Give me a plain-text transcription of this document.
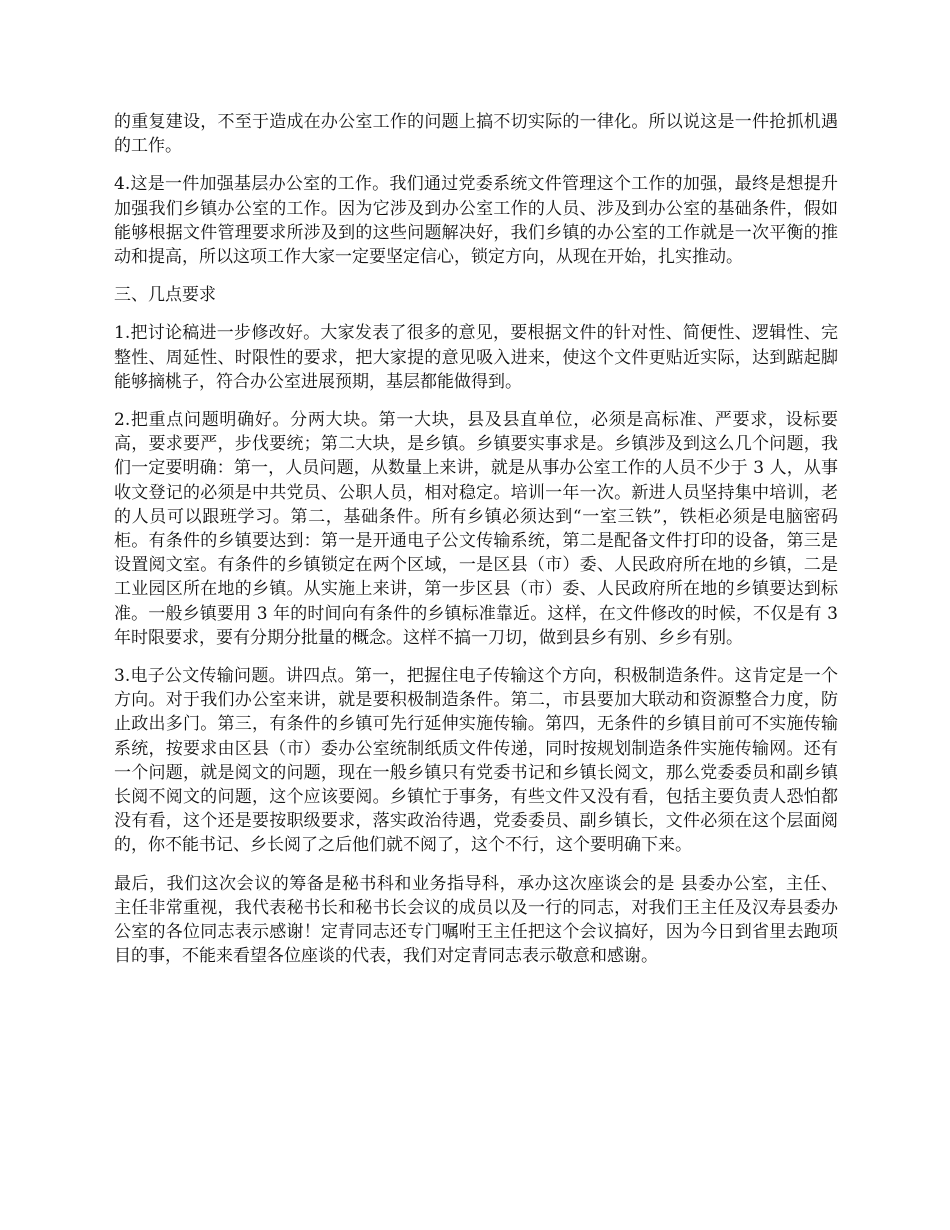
的重复建设，不至于造成在办公室工作的问题上搞不切实际的一律化。所以说这是一件抢抓机遇的工作。

4.这是一件加强基层办公室的工作。我们通过党委系统文件管理这个工作的加强，最终是想提升加强我们乡镇办公室的工作。因为它涉及到办公室工作的人员、涉及到办公室的基础条件，假如能够根据文件管理要求所涉及到的这些问题解决好，我们乡镇的办公室的工作就是一次平衡的推动和提高，所以这项工作大家一定要坚定信心，锁定方向，从现在开始，扎实推动。

三、几点要求

1.把讨论稿进一步修改好。大家发表了很多的意见，要根据文件的针对性、简便性、逻辑性、完整性、周延性、时限性的要求，把大家提的意见吸入进来，使这个文件更贴近实际，达到踮起脚能够摘桃子，符合办公室进展预期，基层都能做得到。

2.把重点问题明确好。分两大块。第一大块，县及县直单位，必须是高标准、严要求，设标要高，要求要严，步伐要统；第二大块，是乡镇。乡镇要实事求是。乡镇涉及到这么几个问题，我们一定要明确：第一，人员问题，从数量上来讲，就是从事办公室工作的人员不少于 3 人，从事收文登记的必须是中共党员、公职人员，相对稳定。培训一年一次。新进人员坚持集中培训，老的人员可以跟班学习。第二，基础条件。所有乡镇必须达到“一室三铁”，铁柜必须是电脑密码柜。有条件的乡镇要达到：第一是开通电子公文传输系统，第二是配备文件打印的设备，第三是设置阅文室。有条件的乡镇锁定在两个区域，一是区县（市）委、人民政府所在地的乡镇，二是工业园区所在地的乡镇。从实施上来讲，第一步区县（市）委、人民政府所在地的乡镇要达到标准。一般乡镇要用 3 年的时间向有条件的乡镇标准靠近。这样，在文件修改的时候，不仅是有 3 年时限要求，要有分期分批量的概念。这样不搞一刀切，做到县乡有别、乡乡有别。

3.电子公文传输问题。讲四点。第一，把握住电子传输这个方向，积极制造条件。这肯定是一个方向。对于我们办公室来讲，就是要积极制造条件。第二，市县要加大联动和资源整合力度，防止政出多门。第三，有条件的乡镇可先行延伸实施传输。第四，无条件的乡镇目前可不实施传输系统，按要求由区县（市）委办公室统制纸质文件传递，同时按规划制造条件实施传输网。还有一个问题，就是阅文的问题，现在一般乡镇只有党委书记和乡镇长阅文，那么党委委员和副乡镇长阅不阅文的问题，这个应该要阅。乡镇忙于事务，有些文件又没有看，包括主要负责人恐怕都没有看，这个还是要按职级要求，落实政治待遇，党委委员、副乡镇长，文件必须在这个层面阅的，你不能书记、乡长阅了之后他们就不阅了，这个不行，这个要明确下来。

最后，我们这次会议的筹备是秘书科和业务指导科，承办这次座谈会的是 县委办公室，主任、 主任非常重视，我代表秘书长和秘书长会议的成员以及一行的同志，对我们王主任及汉寿县委办公室的各位同志表示感谢！定青同志还专门嘱咐王主任把这个会议搞好，因为今日到省里去跑项目的事，不能来看望各位座谈的代表，我们对定青同志表示敬意和感谢。
